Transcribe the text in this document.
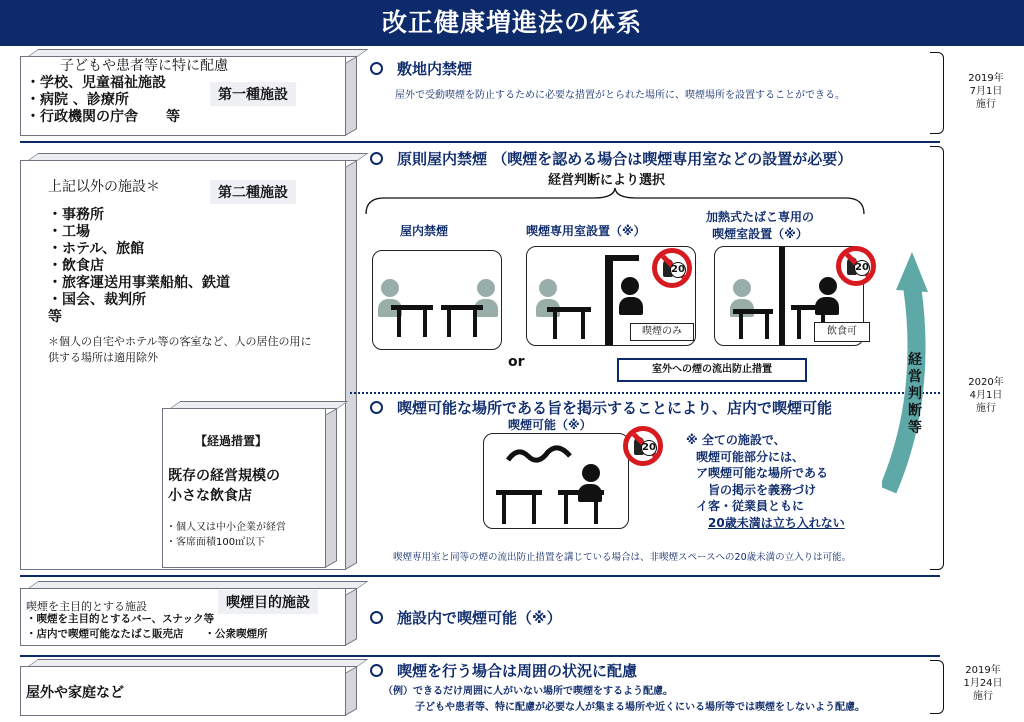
改正健康増進法の体系
子どもや患者等に特に配慮
・学校、児童福祉施設
・病院 、診療所
・行政機関の庁舎　　等
第一種施設
敷地内禁煙
屋外で受動喫煙を防止するために必要な措置がとられた場所に、喫煙場所を設置することができる。
2019年
7月1日
施行
上記以外の施設＊	第二種施設
・事務所
・工場
・ホテル、旅館
・飲食店
・旅客運送用事業船舶、鉄道
・国会、裁判所
等
＊個人の自宅やホテル等の客室など、人の居住の用に供する場所は適用除外
【経過措置】
既存の経営規模の
小さな飲食店
・個人又は中小企業が経営
・客席面積100㎡以下
原則屋内禁煙 （喫煙を認める場合は喫煙専用室などの設置が必要）
経営判断により選択
屋内禁煙	喫煙専用室設置（※）
加熱式たばこ専用の
喫煙室設置（※）
or
20
喫煙のみ
20
飲食可
室外への煙の流出防止措置
喫煙可能な場所である旨を掲示することにより、店内で喫煙可能
喫煙可能（※）
20
※ 全ての施設で、
喫煙可能部分には、
ア喫煙可能な場所である
旨の掲示を義務づけ
イ客・従業員ともに
20歳未満は立ち入れない
喫煙専用室と同等の煙の流出防止措置を講じている場合は、非喫煙スペースへの20歳未満の立入りは可能。
経営判断等
2020年
4月1日
施行
喫煙を主目的とする施設	喫煙目的施設
・喫煙を主目的とするバー、スナック等
・店内で喫煙可能なたばこ販売店　　・公衆喫煙所
施設内で喫煙可能（※）
屋外や家庭など
喫煙を行う場合は周囲の状況に配慮
（例）できるだけ周囲に人がいない場所で喫煙をするよう配慮。
子どもや患者等、特に配慮が必要な人が集まる場所や近くにいる場所等では喫煙をしないよう配慮。
2019年
1月24日
施行
